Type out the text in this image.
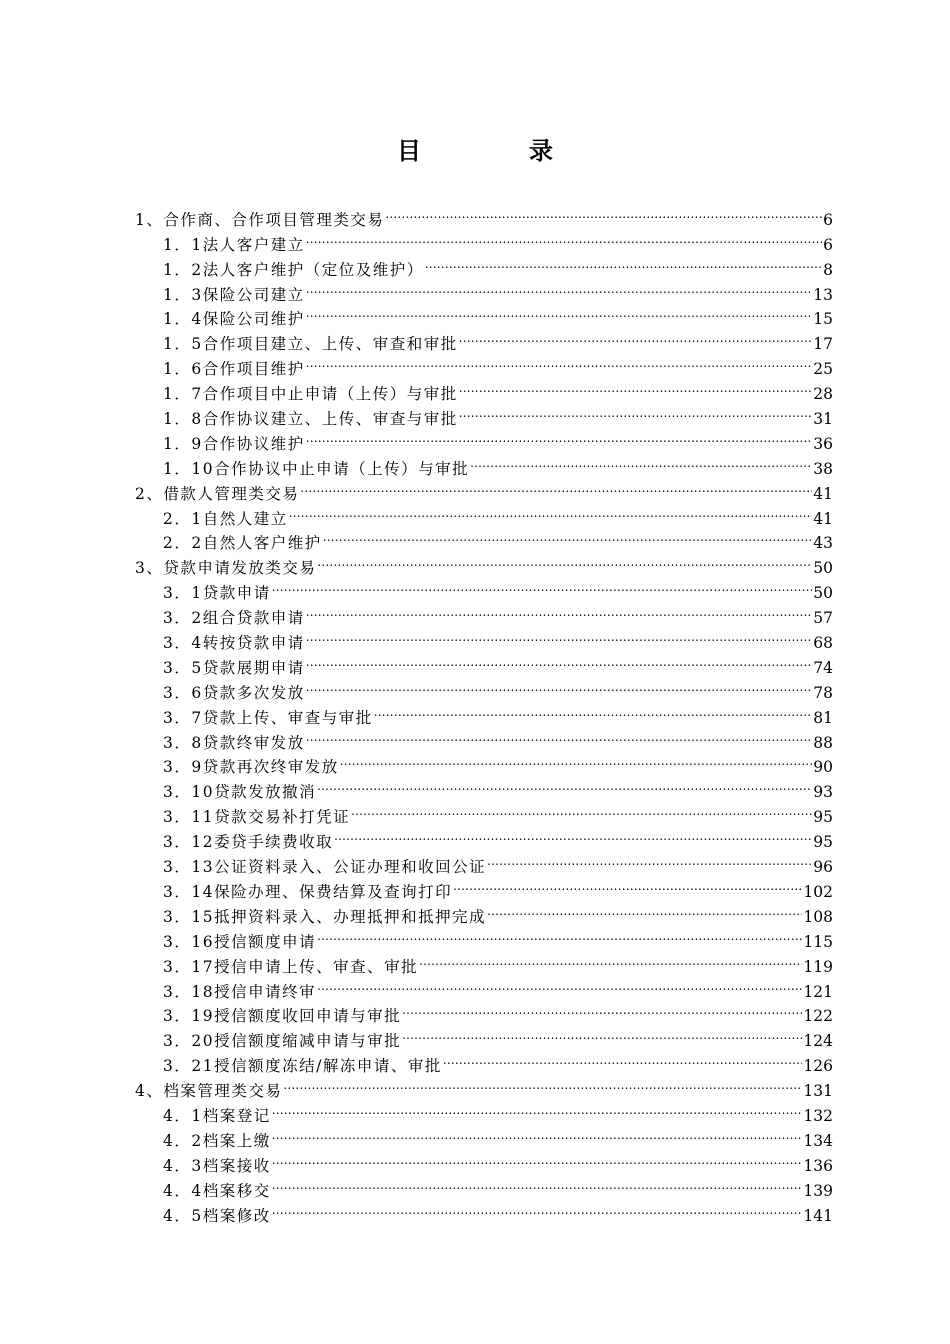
目　录
1、 合作商、合作项目管理类交易 .....	6
1．1 法人客户建立 .....	6
1．2 法人客户维护（定位及维护） .....	8
1．3 保险公司建立 .....	13
1．4 保险公司维护 .....	15
1．5 合作项目建立、上传、审查和审批 .....	17
1．6 合作项目维护 .....	25
1．7 合作项目中止申请（上传）与审批 .....	28
1．8 合作协议建立、上传、审查与审批 .....	31
1．9 合作协议维护 .....	36
1．10 合作协议中止申请（上传）与审批 .....	38
2、 借款人管理类交易 .....	41
2．1 自然人建立 .....	41
2．2 自然人客户维护 .....	43
3、 贷款申请发放类交易 .....	50
3．1 贷款申请 .....	50
3．2 组合贷款申请 .....	57
3．4 转按贷款申请 .....	68
3．5 贷款展期申请 .....	74
3．6 贷款多次发放 .....	78
3．7 贷款上传、审查与审批 .....	81
3．8 贷款终审发放 .....	88
3．9 贷款再次终审发放 .....	90
3．10 贷款发放撤消 .....	93
3．11 贷款交易补打凭证 .....	95
3．12 委贷手续费收取 .....	95
3．13 公证资料录入、公证办理和收回公证 .....	96
3．14 保险办理、保费结算及查询打印 .....	102
3．15 抵押资料录入、办理抵押和抵押完成 .....	108
3．16 授信额度申请 .....	115
3．17 授信申请上传、审查、审批 .....	119
3．18 授信申请终审 .....	121
3．19 授信额度收回申请与审批 .....	122
3．20 授信额度缩减申请与审批 .....	124
3．21 授信额度冻结/解冻申请、审批 .....	126
4、 档案管理类交易 .....	131
4．1 档案登记 .....	132
4．2 档案上缴 .....	134
4．3 档案接收 .....	136
4．4 档案移交 .....	139
4．5 档案修改 .....	141
